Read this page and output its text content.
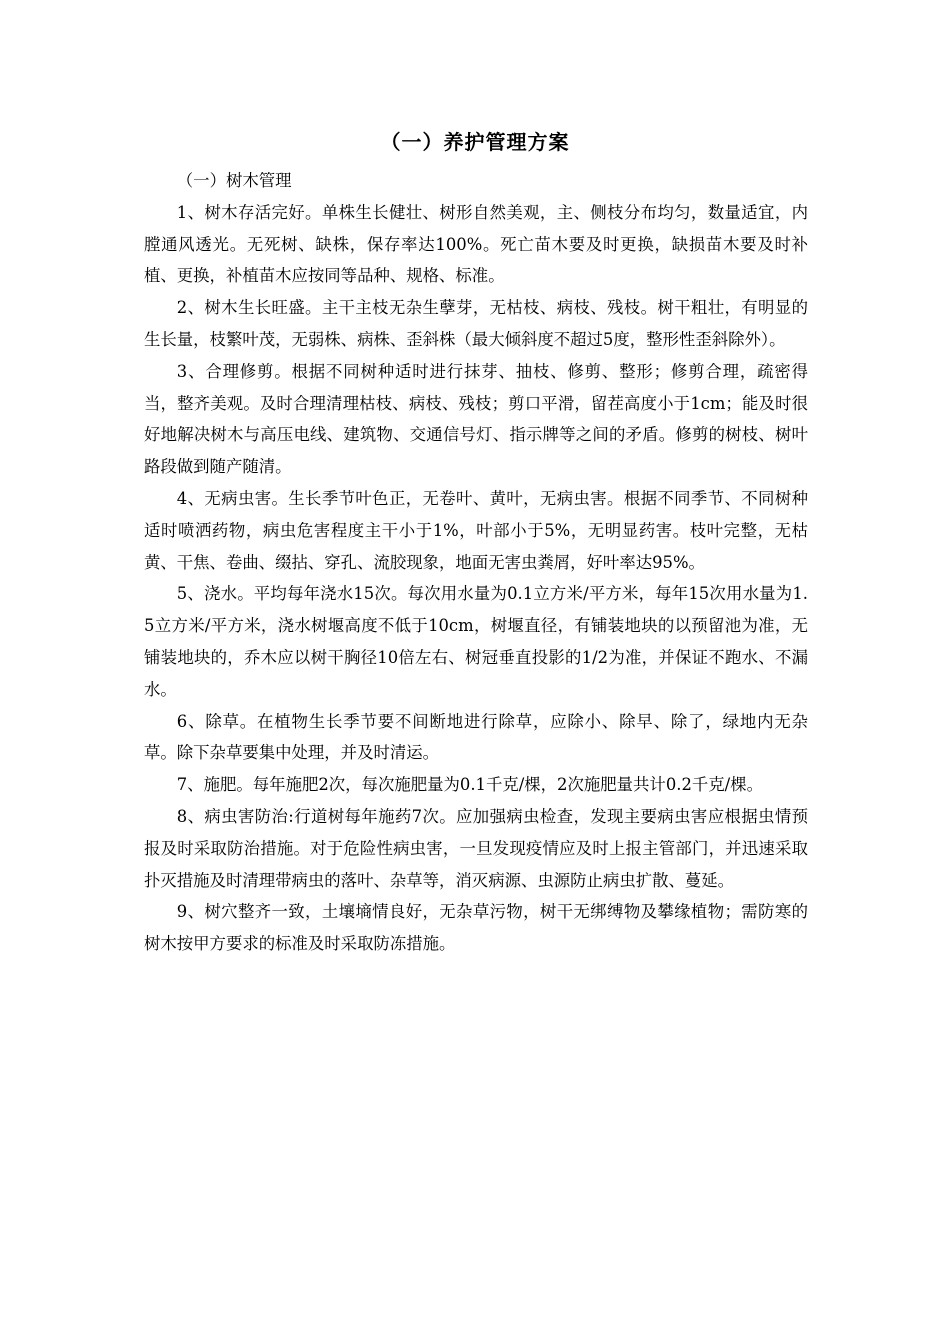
（一）养护管理方案

（一）树木管理

1、树木存活完好。单株生长健壮、树形自然美观，主、侧枝分布均匀，数量适宜，内膛通风透光。无死树、缺株，保存率达100%。死亡苗木要及时更换，缺损苗木要及时补植、更换，补植苗木应按同等品种、规格、标准。

2、树木生长旺盛。主干主枝无杂生孽芽，无枯枝、病枝、残枝。树干粗壮，有明显的生长量，枝繁叶茂，无弱株、病株、歪斜株（最大倾斜度不超过5度，整形性歪斜除外）。

3、合理修剪。根据不同树种适时进行抹芽、抽枝、修剪、整形；修剪合理，疏密得当，整齐美观。及时合理清理枯枝、病枝、残枝；剪口平滑，留茬高度小于1cm；能及时很好地解决树木与高压电线、建筑物、交通信号灯、指示牌等之间的矛盾。修剪的树枝、树叶路段做到随产随清。

4、无病虫害。生长季节叶色正，无卷叶、黄叶，无病虫害。根据不同季节、不同树种适时喷洒药物，病虫危害程度主干小于1%，叶部小于5%，无明显药害。枝叶完整，无枯黄、干焦、卷曲、缀拈、穿孔、流胶现象，地面无害虫粪屑，好叶率达95%。

5、浇水。平均每年浇水15次。每次用水量为0.1立方米/平方米，每年15次用水量为1.5立方米/平方米，浇水树堰高度不低于10cm，树堰直径，有铺装地块的以预留池为准，无铺装地块的，乔木应以树干胸径10倍左右、树冠垂直投影的1/2为准，并保证不跑水、不漏水。

6、除草。在植物生长季节要不间断地进行除草，应除小、除早、除了，绿地内无杂草。除下杂草要集中处理，并及时清运。

7、施肥。每年施肥2次，每次施肥量为0.1千克/棵，2次施肥量共计0.2千克/棵。

8、病虫害防治:行道树每年施药7次。应加强病虫检查，发现主要病虫害应根据虫情预报及时采取防治措施。对于危险性病虫害，一旦发现疫情应及时上报主管部门，并迅速采取扑灭措施及时清理带病虫的落叶、杂草等，消灭病源、虫源防止病虫扩散、蔓延。

9、树穴整齐一致，土壤墒情良好，无杂草污物，树干无绑缚物及攀缘植物；需防寒的树木按甲方要求的标准及时采取防冻措施。
